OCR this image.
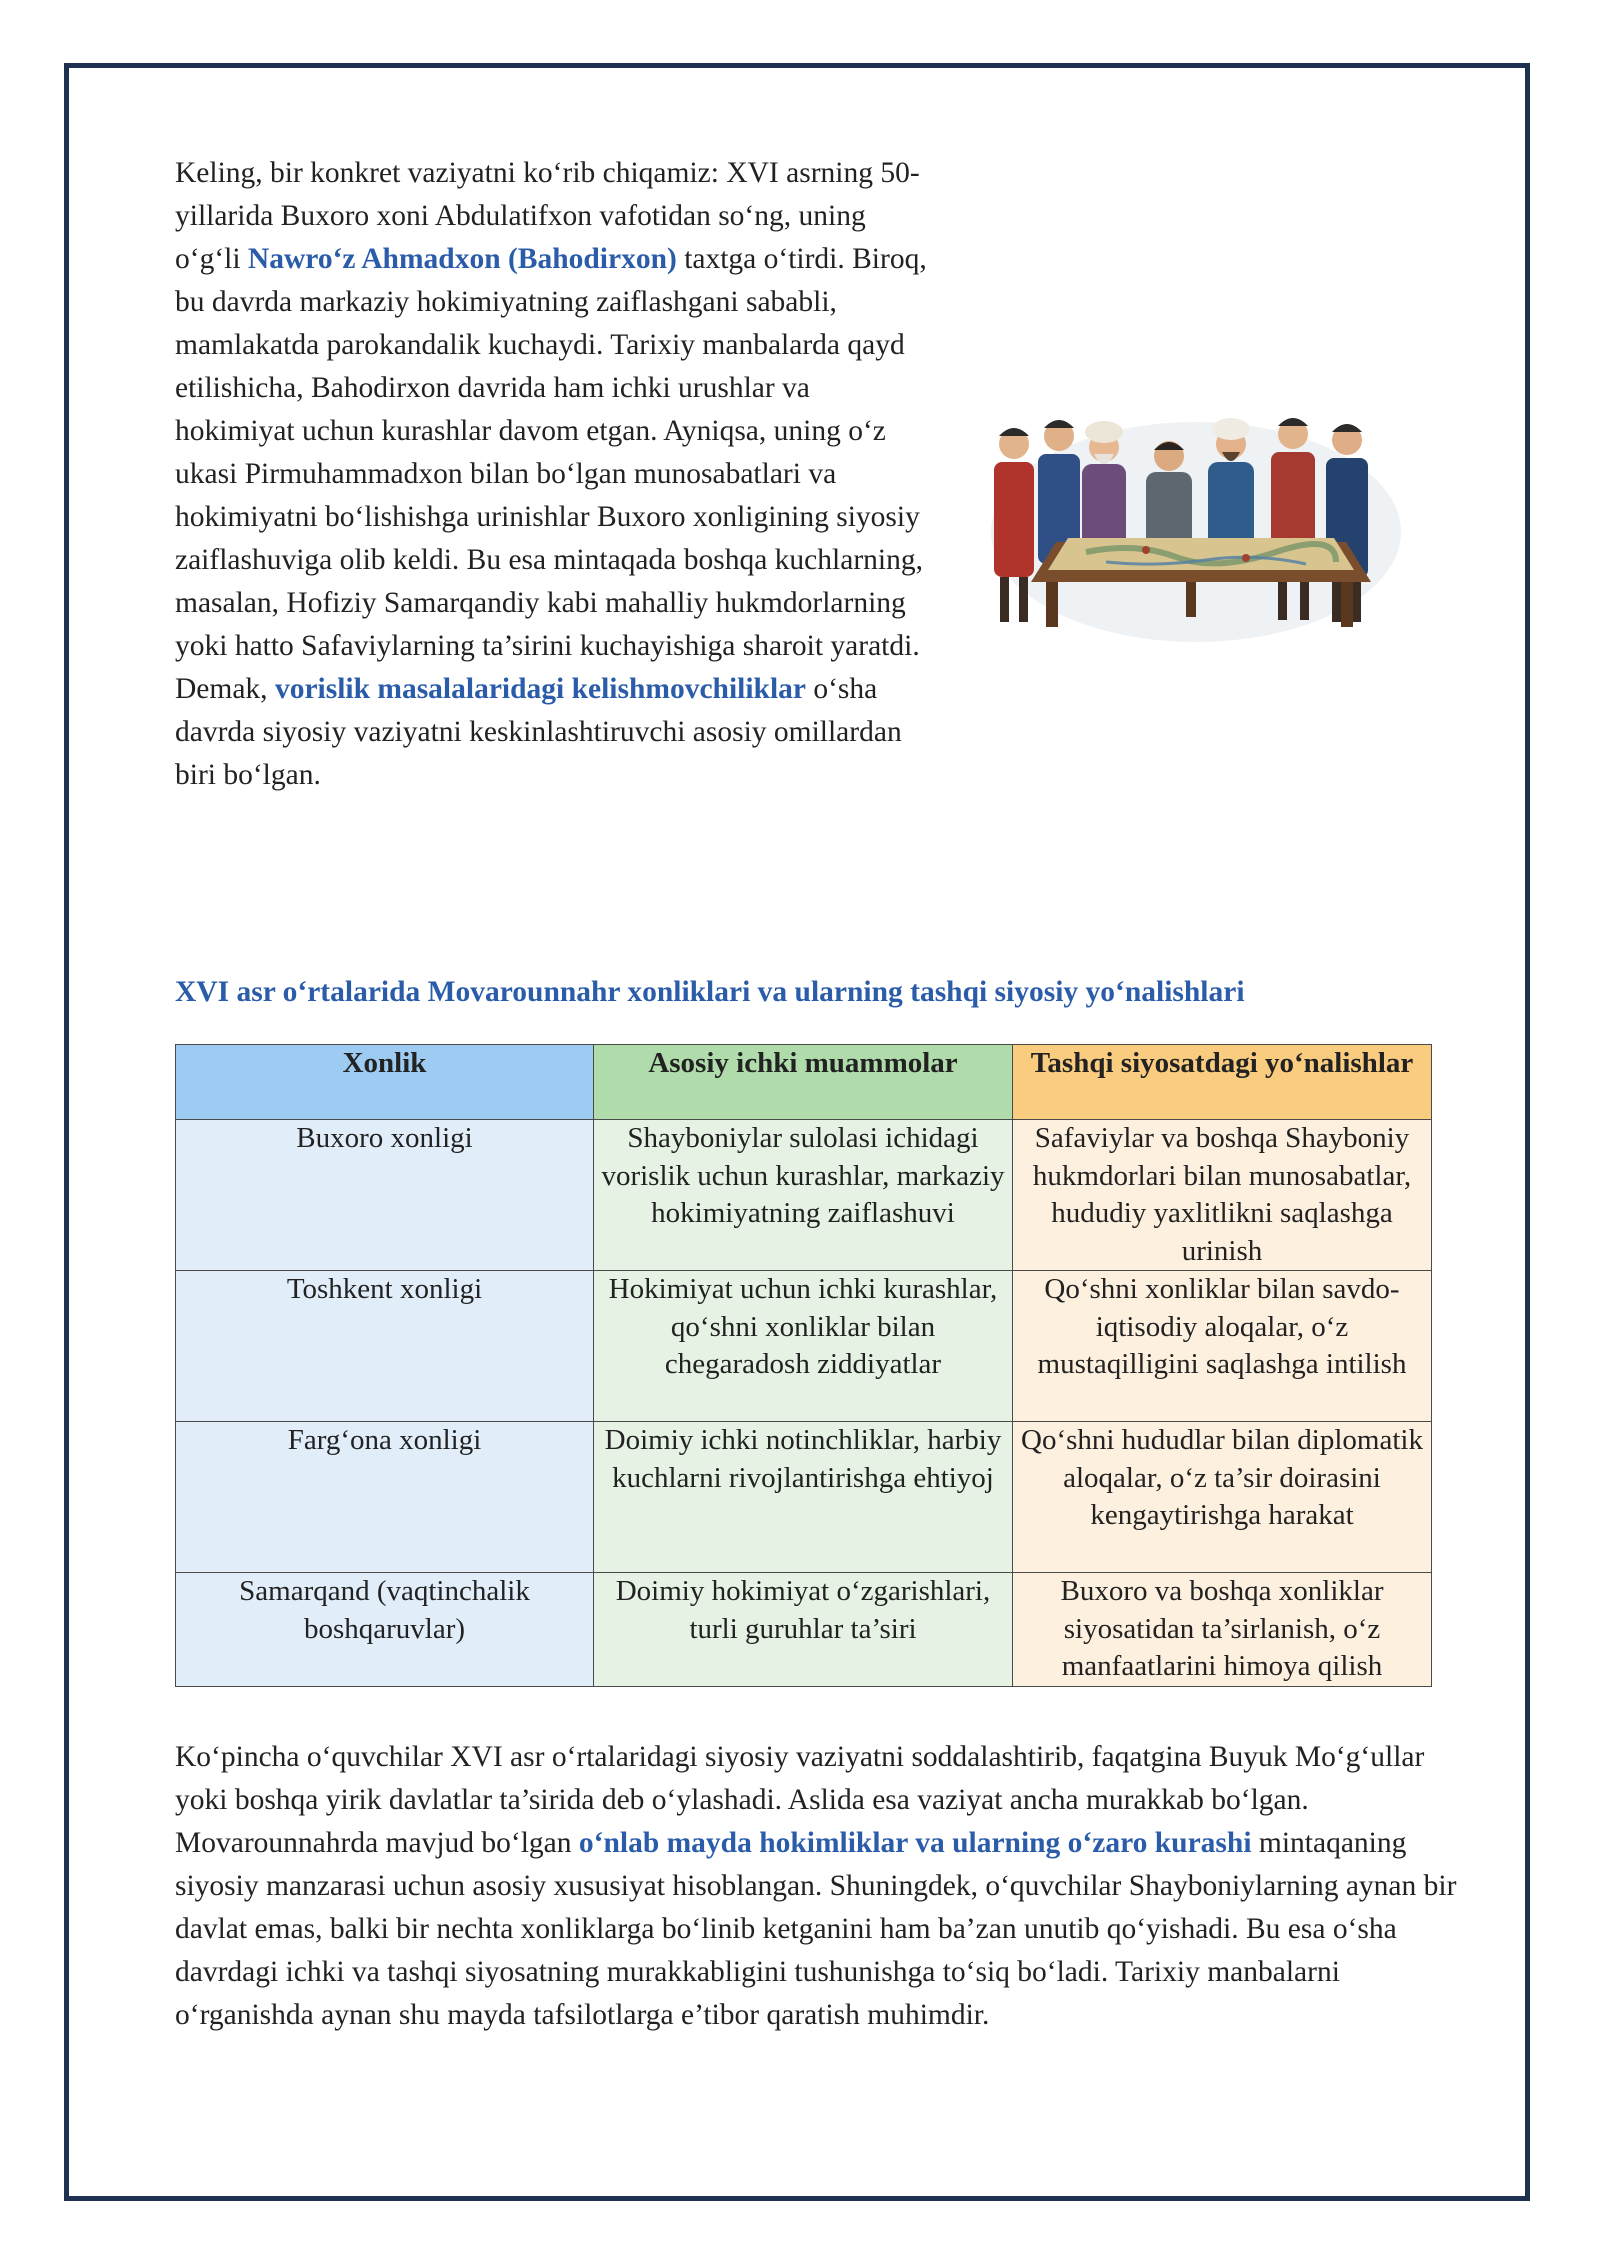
Keling, bir konkret vaziyatni ko‘rib chiqamiz: XVI asrning 50-yillarida Buxoro xoni Abdulatifxon vafotidan so‘ng, uning o‘g‘li Nawro‘z Ahmadxon (Bahodirxon) taxtga o‘tirdi. Biroq, bu davrda markaziy hokimiyatning zaiflashgani sababli, mamlakatda parokandalik kuchaydi. Tarixiy manbalarda qayd etilishicha, Bahodirxon davrida ham ichki urushlar va hokimiyat uchun kurashlar davom etgan. Ayniqsa, uning o‘z ukasi Pirmuhammadxon bilan bo‘lgan munosabatlari va hokimiyatni bo‘lishishga urinishlar Buxoro xonligining siyosiy zaiflashuviga olib keldi. Bu esa mintaqada boshqa kuchlarning, masalan, Hofiziy Samarqandiy kabi mahalliy hukmdorlarning yoki hatto Safaviylarning ta’sirini kuchayishiga sharoit yaratdi. Demak, vorislik masalalaridagi kelishmovchiliklar o‘sha davrda siyosiy vaziyatni keskinlashtiruvchi asosiy omillardan biri bo‘lgan.

XVI asr o‘rtalarida Movarounnahr xonliklari va ularning tashqi siyosiy yo‘nalishlari

Xonlik	Asosiy ichki muammolar	Tashqi siyosatdagi yo‘nalishlar
Buxoro xonligi	Shayboniylar sulolasi ichidagi vorislik uchun kurashlar, markaziy hokimiyatning zaiflashuvi	Safaviylar va boshqa Shayboniy hukmdorlari bilan munosabatlar, hududiy yaxlitlikni saqlashga urinish
Toshkent xonligi	Hokimiyat uchun ichki kurashlar, qo‘shni xonliklar bilan chegaradosh ziddiyatlar	Qo‘shni xonliklar bilan savdo-iqtisodiy aloqalar, o‘z mustaqilligini saqlashga intilish
Farg‘ona xonligi	Doimiy ichki notinchliklar, harbiy kuchlarni rivojlantirishga ehtiyoj	Qo‘shni hududlar bilan diplomatik aloqalar, o‘z ta’sir doirasini kengaytirishga harakat
Samarqand (vaqtinchalik boshqaruvlar)	Doimiy hokimiyat o‘zgarishlari, turli guruhlar ta’siri	Buxoro va boshqa xonliklar siyosatidan ta’sirlanish, o‘z manfaatlarini himoya qilish

Ko‘pincha o‘quvchilar XVI asr o‘rtalaridagi siyosiy vaziyatni soddalashtirib, faqatgina Buyuk Mo‘g‘ullar yoki boshqa yirik davlatlar ta’sirida deb o‘ylashadi. Aslida esa vaziyat ancha murakkab bo‘lgan. Movarounnahrda mavjud bo‘lgan o‘nlab mayda hokimliklar va ularning o‘zaro kurashi mintaqaning siyosiy manzarasi uchun asosiy xususiyat hisoblangan. Shuningdek, o‘quvchilar Shayboniylarning aynan bir davlat emas, balki bir nechta xonliklarga bo‘linib ketganini ham ba’zan unutib qo‘yishadi. Bu esa o‘sha davrdagi ichki va tashqi siyosatning murakkabligini tushunishga to‘siq bo‘ladi. Tarixiy manbalarni o‘rganishda aynan shu mayda tafsilotlarga e’tibor qaratish muhimdir.
